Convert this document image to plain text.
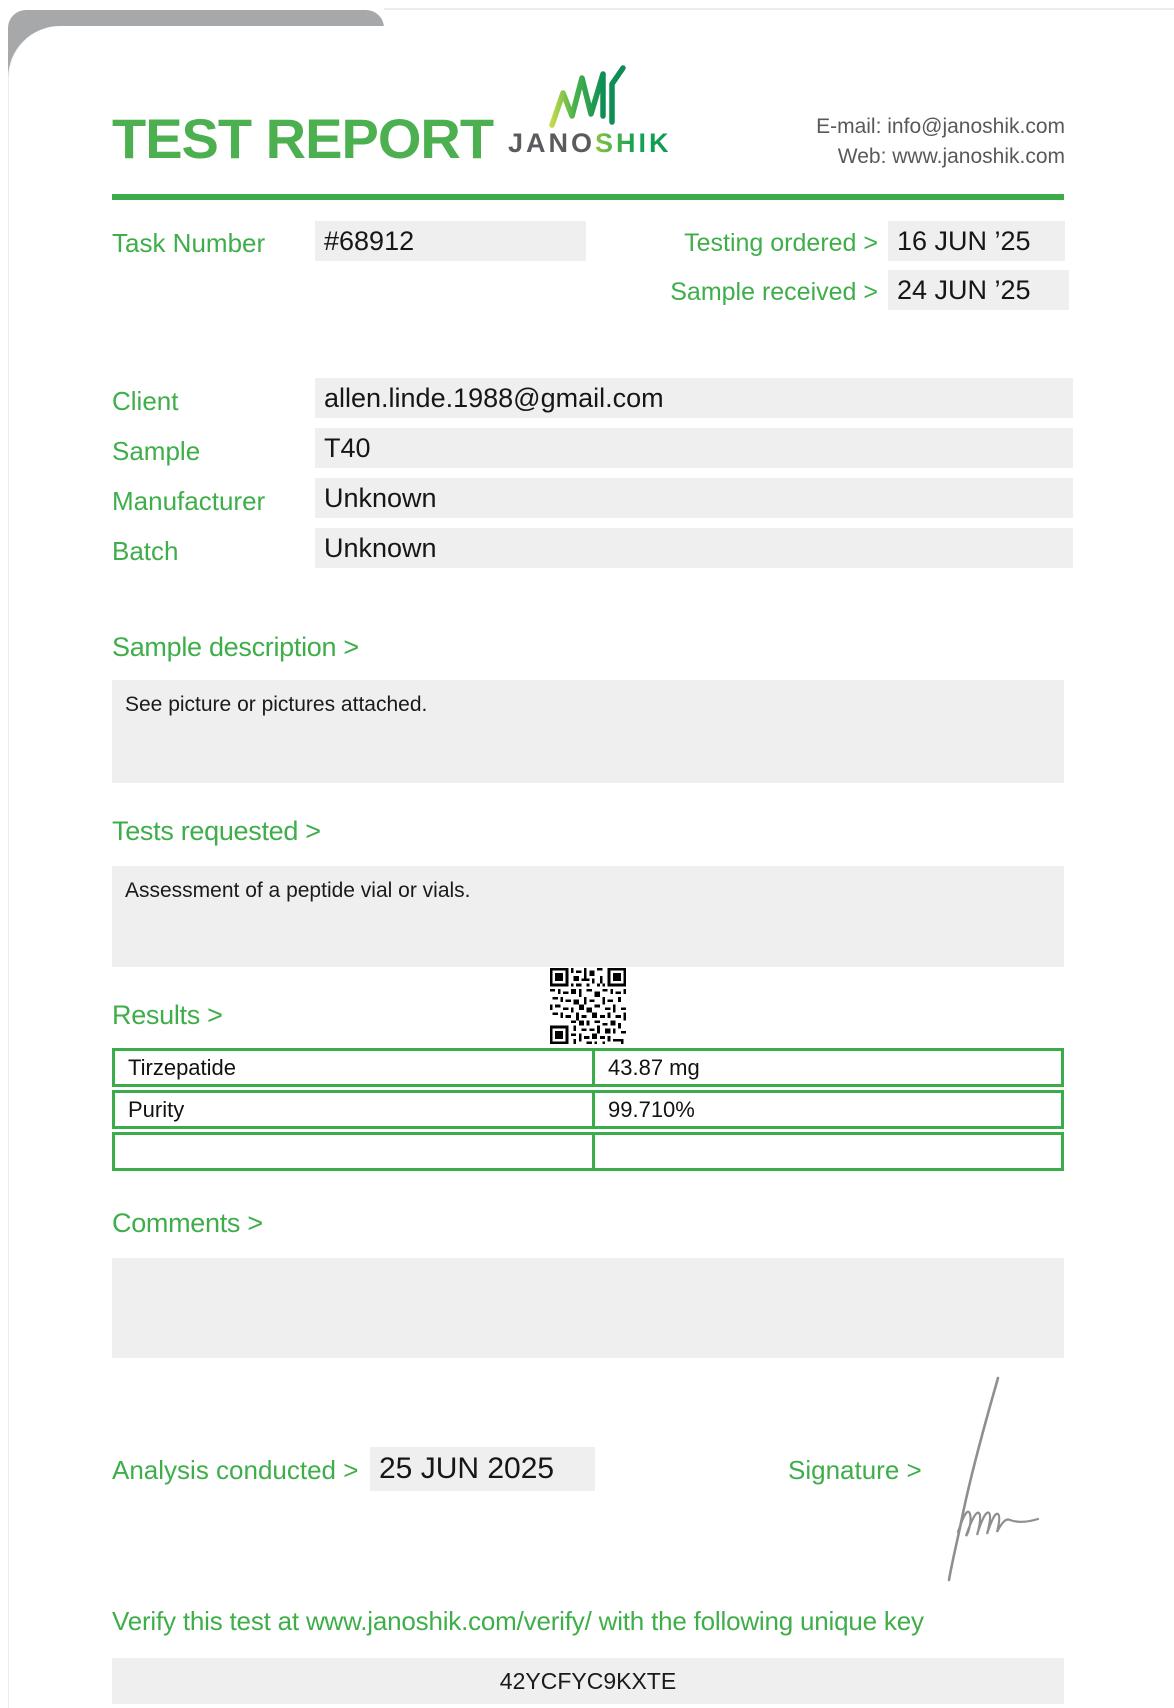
TEST REPORT JANOSHIK
E-mail: info@janoshik.com
Web: www.janoshik.com
Task Number #68912	Testing ordered > 16 JUN ’25
Sample received > 24 JUN ’25
Client	allen.linde.1988@gmail.com
Sample	T40
Manufacturer Unknown
Batch	Unknown
Sample description >
See picture or pictures attached.
Tests requested >
Assessment of a peptide vial or vials.
Results >
Tirzepatide	43.87 mg
Purity	99.710%
Comments >
Analysis conducted > 25 JUN 2025	Signature >
Verify this test at www.janoshik.com/verify/ with the following unique key
42YCFYC9KXTE
